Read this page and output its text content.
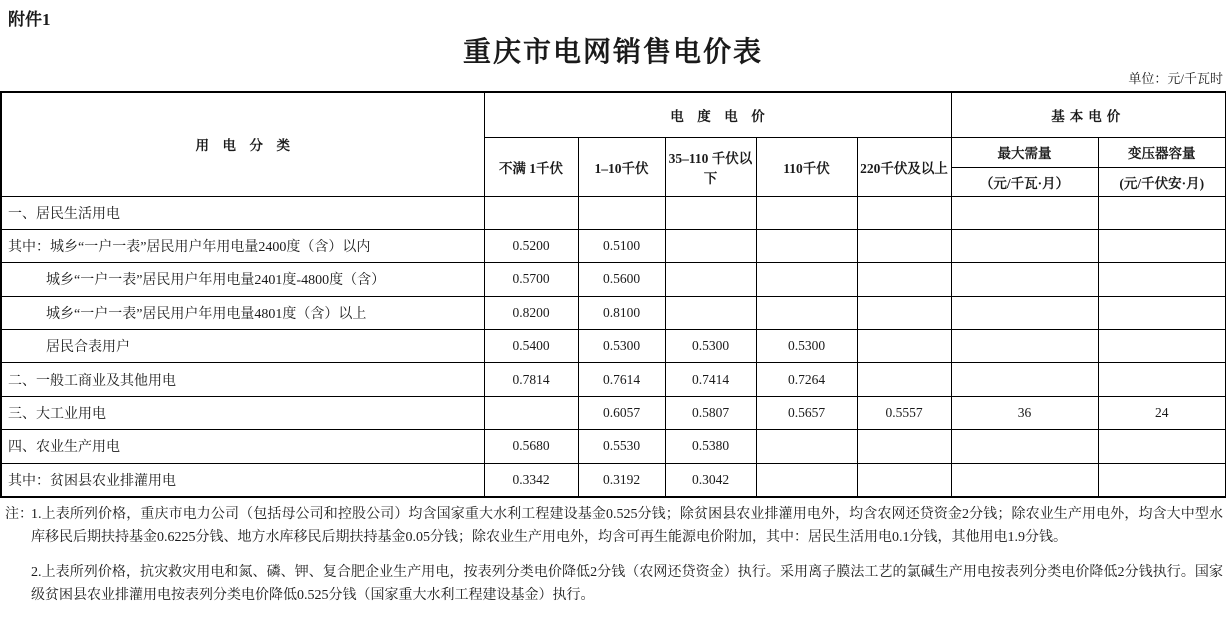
附件1
重庆市电网销售电价表
单位：元/千瓦时
用　电　分　类	电　度　电　价					基本电价	
	不满 1千伏	1–10千伏	35–110 千伏以下	110千伏	220千伏及以上	最大需量	变压器容量
						（元/千瓦·月）	(元/千伏安·月)
一、居民生活用电							
其中：城乡“一户一表”居民用户年用电量2400度（含）以内	0.5200	0.5100					
城乡“一户一表”居民用户年用电量2401度-4800度（含）	0.5700	0.5600					
城乡“一户一表”居民用户年用电量4801度（含）以上	0.8200	0.8100					
居民合表用户	0.5400	0.5300	0.5300	0.5300			
二、一般工商业及其他用电	0.7814	0.7614	0.7414	0.7264			
三、大工业用电		0.6057	0.5807	0.5657	0.5557	36	24
四、农业生产用电	0.5680	0.5530	0.5380				
其中：贫困县农业排灌用电	0.3342	0.3192	0.3042				
注：
1.上表所列价格，重庆市电力公司（包括母公司和控股公司）均含国家重大水利工程建设基金0.525分钱；除贫困县农业排灌用电外，均含农网还贷资金2分钱；除农业生产用电外，均含大中型水库移民后期扶持基金0.6225分钱、地方水库移民后期扶持基金0.05分钱；除农业生产用电外，均含可再生能源电价附加，其中：居民生活用电0.1分钱，其他用电1.9分钱。
2.上表所列价格，抗灾救灾用电和氮、磷、钾、复合肥企业生产用电，按表列分类电价降低2分钱（农网还贷资金）执行。采用离子膜法工艺的氯碱生产用电按表列分类电价降低2分钱执行。国家级贫困县农业排灌用电按表列分类电价降低0.525分钱（国家重大水利工程建设基金）执行。
